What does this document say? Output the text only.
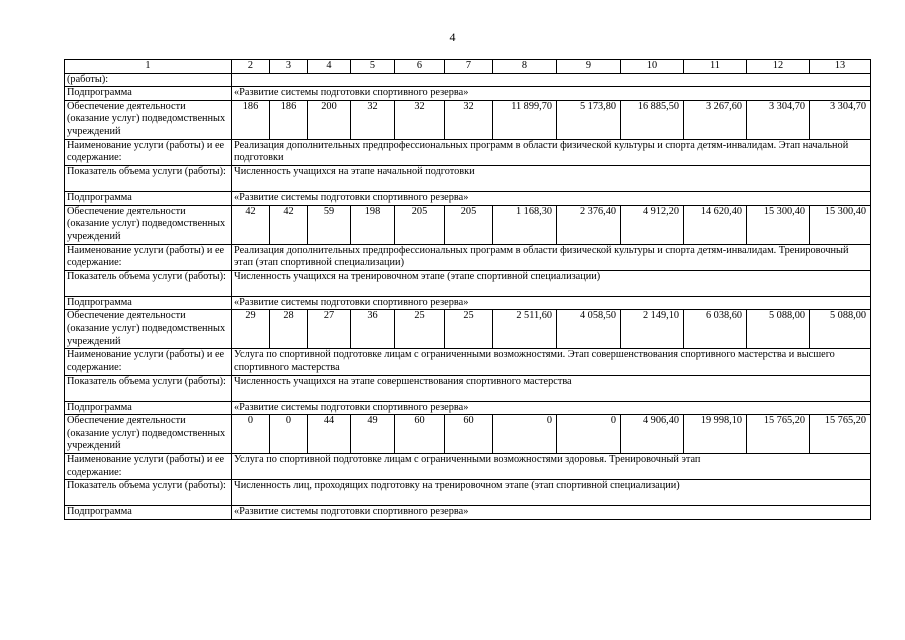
4
1	2	3	4	5	6	7	8	9	10	11	12	13
(работы):												
Подпрограмма	«Развитие системы подготовки спортивного резерва»											
Обеспечение деятельности (оказание услуг) подведомственных учреждений	186	186	200	32	32	32	11 899,70	5 173,80	16 885,50	3 267,60	3 304,70	3 304,70
Наименование услуги (работы) и ее содержание:	Реализация дополнительных предпрофессиональных программ в области физической культуры и спорта детям-инвалидам. Этап начальной подготовки											
Показатель объема услуги (работы):	Численность учащихся на этапе начальной подготовки											
Подпрограмма	«Развитие системы подготовки спортивного резерва»											
Обеспечение деятельности (оказание услуг) подведомственных учреждений	42	42	59	198	205	205	1 168,30	2 376,40	4 912,20	14 620,40	15 300,40	15 300,40
Наименование услуги (работы) и ее содержание:	Реализация дополнительных предпрофессиональных программ в области физической культуры и спорта детям-инвалидам. Тренировочный этап (этап спортивной специализации)											
Показатель объема услуги (работы):	Численность учащихся на тренировочном этапе (этапе спортивной специализации)											
Подпрограмма	«Развитие системы подготовки спортивного резерва»											
Обеспечение деятельности (оказание услуг) подведомственных учреждений	29	28	27	36	25	25	2 511,60	4 058,50	2 149,10	6 038,60	5 088,00	5 088,00
Наименование услуги (работы) и ее содержание:	Услуга по спортивной подготовке лицам с ограниченными возможностями. Этап совершенствования спортивного мастерства и высшего спортивного мастерства											
Показатель объема услуги (работы):	Численность учащихся на этапе совершенствования спортивного мастерства											
Подпрограмма	«Развитие системы подготовки спортивного резерва»											
Обеспечение деятельности (оказание услуг) подведомственных учреждений	0	0	44	49	60	60	0	0	4 906,40	19 998,10	15 765,20	15 765,20
Наименование услуги (работы) и ее содержание:	Услуга по спортивной подготовке лицам с ограниченными возможностями здоровья. Тренировочный этап											
Показатель объема услуги (работы):	Численность лиц, проходящих подготовку на тренировочном этапе (этап спортивной специализации)											
Подпрограмма	«Развитие системы подготовки спортивного резерва»											
